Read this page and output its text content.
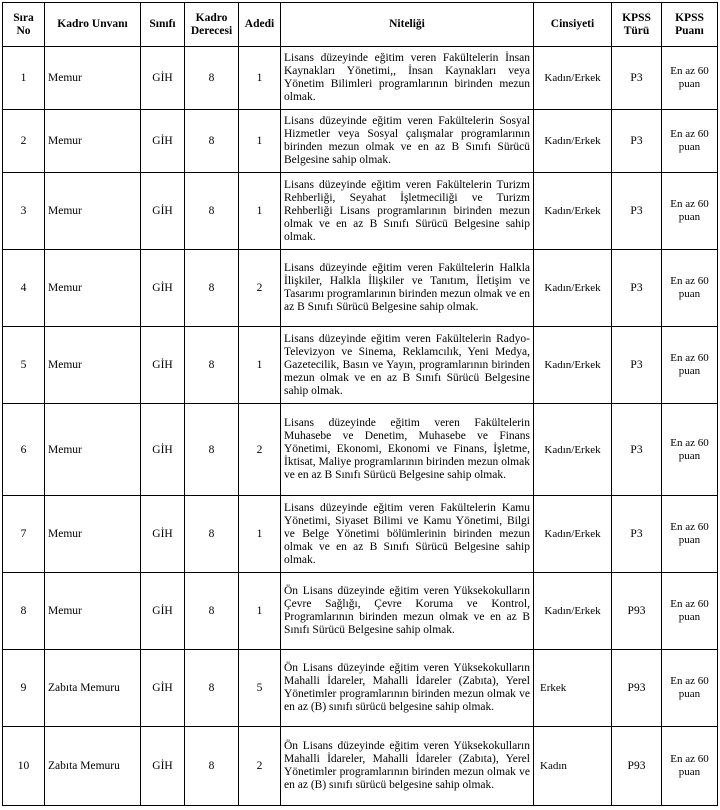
Sıra No	Kadro Unvanı	Sınıfı	Kadro Derecesi	Adedi	Niteliği	Cinsiyeti	KPSS Türü	KPSS Puanı
1	Memur	GİH	8	1	Lisans düzeyinde eğitim veren Fakültelerin İnsan Kaynakları Yönetimi,, İnsan Kaynakları veya Yönetim Bilimleri programlarının birinden mezun olmak.	Kadın/Erkek	P3	En az 60 puan
2	Memur	GİH	8	1	Lisans düzeyinde eğitim veren Fakültelerin Sosyal Hizmetler veya Sosyal çalışmalar programlarının birinden mezun olmak ve en az B Sınıfı Sürücü Belgesine sahip olmak.	Kadın/Erkek	P3	En az 60 puan
3	Memur	GİH	8	1	Lisans düzeyinde eğitim veren Fakültelerin Turizm Rehberliği, Seyahat İşletmeciliği ve Turizm Rehberliği Lisans programlarının birinden mezun olmak ve en az B Sınıfı Sürücü Belgesine sahip olmak.	Kadın/Erkek	P3	En az 60 puan
4	Memur	GİH	8	2	Lisans düzeyinde eğitim veren Fakültelerin Halkla İlişkiler, Halkla İlişkiler ve Tanıtım, İletişim ve Tasarımı programlarının birinden mezun olmak ve en az B Sınıfı Sürücü Belgesine sahip olmak.	Kadın/Erkek	P3	En az 60 puan
5	Memur	GİH	8	1	Lisans düzeyinde eğitim veren Fakültelerin Radyo-Televizyon ve Sinema, Reklamcılık, Yeni Medya, Gazetecilik, Basın ve Yayın, programlarının birinden mezun olmak ve en az B Sınıfı Sürücü Belgesine sahip olmak.	Kadın/Erkek	P3	En az 60 puan
6	Memur	GİH	8	2	Lisans düzeyinde eğitim veren Fakültelerin Muhasebe ve Denetim, Muhasebe ve Finans Yönetimi, Ekonomi, Ekonomi ve Finans, İşletme, İktisat, Maliye programlarının birinden mezun olmak ve en az B Sınıfı Sürücü Belgesine sahip olmak.	Kadın/Erkek	P3	En az 60 puan
7	Memur	GİH	8	1	Lisans düzeyinde eğitim veren Fakültelerin Kamu Yönetimi, Siyaset Bilimi ve Kamu Yönetimi, Bilgi ve Belge Yönetimi bölümlerinin birinden mezun olmak ve en az B Sınıfı Sürücü Belgesine sahip olmak.	Kadın/Erkek	P3	En az 60 puan
8	Memur	GİH	8	1	Ön Lisans düzeyinde eğitim veren Yüksekokulların Çevre Sağlığı, Çevre Koruma ve Kontrol, Programlarının birinden mezun olmak ve en az B Sınıfı Sürücü Belgesine sahip olmak.	Kadın/Erkek	P93	En az 60 puan
9	Zabıta Memuru	GİH	8	5	Ön Lisans düzeyinde eğitim veren Yüksekokulların Mahalli İdareler, Mahalli İdareler (Zabıta), Yerel Yönetimler programlarının birinden mezun olmak ve en az (B) sınıfı sürücü belgesine sahip olmak.	Erkek	P93	En az 60 puan
10	Zabıta Memuru	GİH	8	2	Ön Lisans düzeyinde eğitim veren Yüksekokulların Mahalli İdareler, Mahalli İdareler (Zabıta), Yerel Yönetimler programlarının birinden mezun olmak ve en az (B) sınıfı sürücü belgesine sahip olmak.	Kadın	P93	En az 60 puan
